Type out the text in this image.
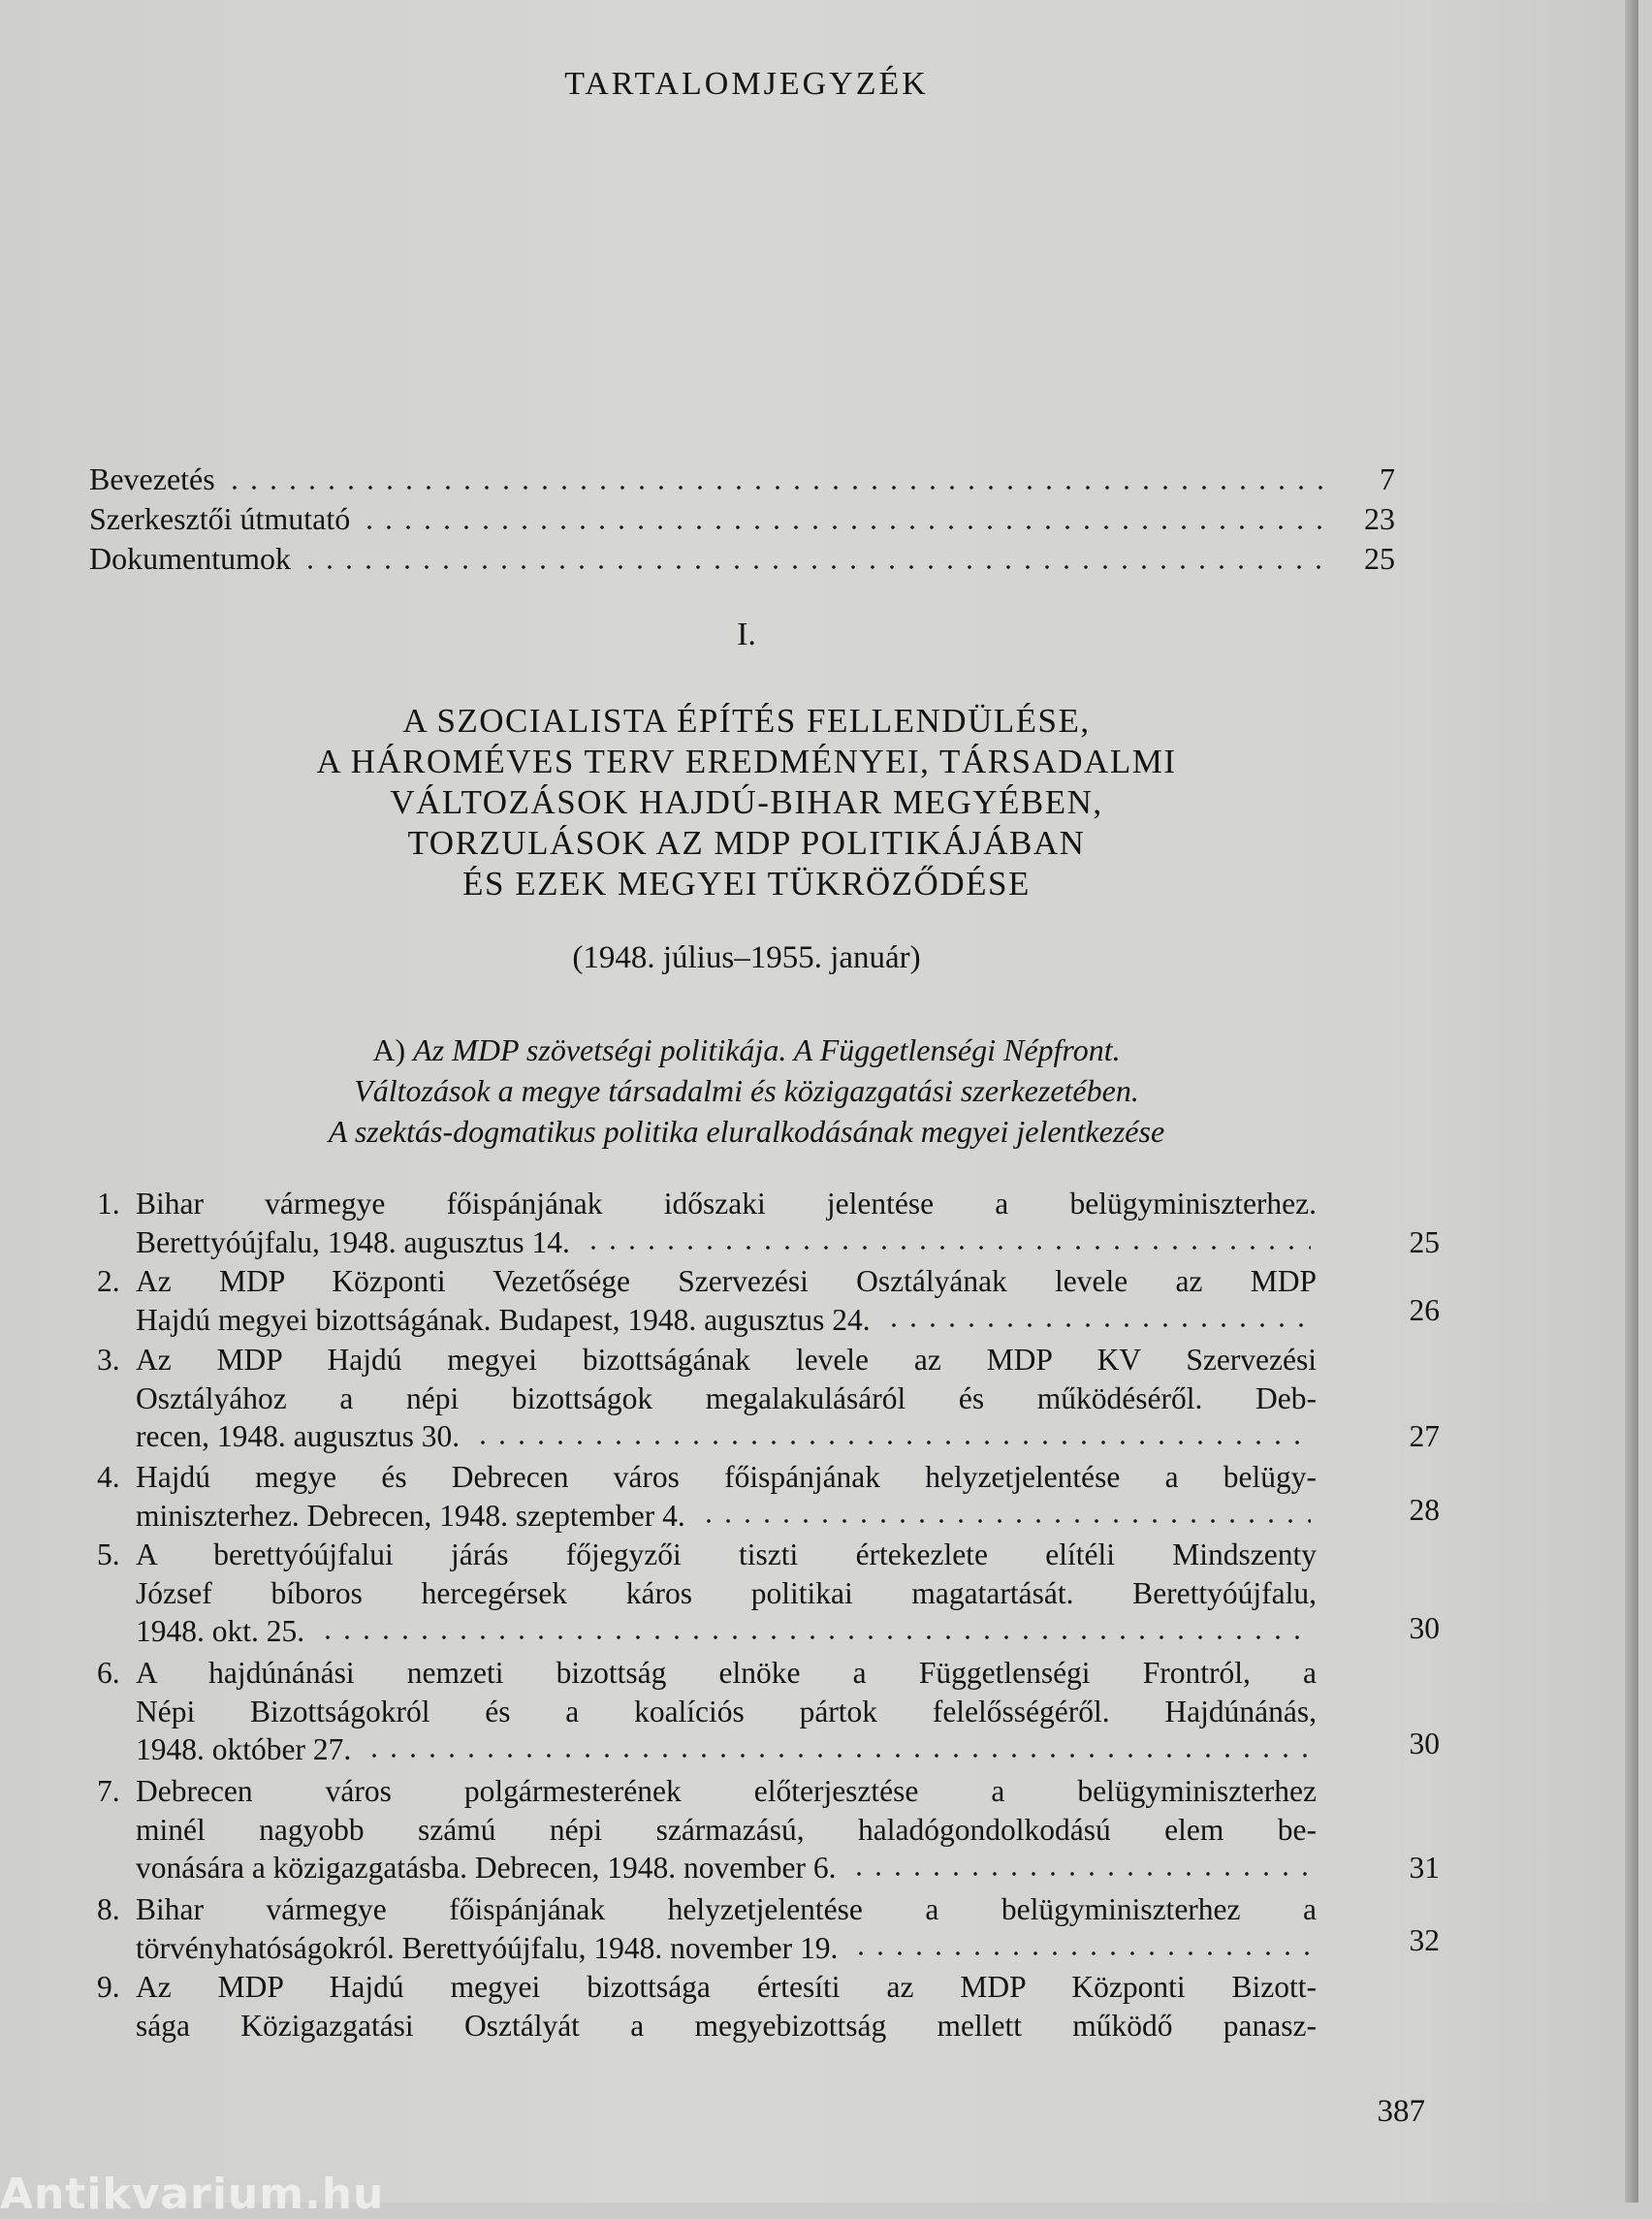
TARTALOMJEGYZÉK
Bevezetés	7
Szerkesztői útmutató	23
Dokumentumok	25
I.
A SZOCIALISTA ÉPÍTÉS FELLENDÜLÉSE,
A HÁROMÉVES TERV EREDMÉNYEI, TÁRSADALMI
VÁLTOZÁSOK HAJDÚ-BIHAR MEGYÉBEN,
TORZULÁSOK AZ MDP POLITIKÁJÁBAN
ÉS EZEK MEGYEI TÜKRÖZŐDÉSE
(1948. július–1955. január)
A) Az MDP szövetségi politikája. A Függetlenségi Népfront.
Változások a megye társadalmi és közigazgatási szerkezetében.
A szektás-dogmatikus politika eluralkodásának megyei jelentkezése
1. Bihar vármegye főispánjának időszaki jelentése a belügyminiszterhez.
Berettyóújfalu, 1948. augusztus 14.	25
2. Az MDP Központi Vezetősége Szervezési Osztályának levele az MDP
Hajdú megyei bizottságának. Budapest, 1948. augusztus 24.	26
3. Az MDP Hajdú megyei bizottságának levele az MDP KV Szervezési
Osztályához a népi bizottságok megalakulásáról és működéséről. Deb-
recen, 1948. augusztus 30.	27
4. Hajdú megye és Debrecen város főispánjának helyzetjelentése a belügy-
miniszterhez. Debrecen, 1948. szeptember 4.	28
5. A berettyóújfalui járás főjegyzői tiszti értekezlete elítéli Mindszenty
József bíboros hercegérsek káros politikai magatartását. Berettyóújfalu,
1948. okt. 25.	30
6. A hajdúnánási nemzeti bizottság elnöke a Függetlenségi Frontról, a
Népi Bizottságokról és a koalíciós pártok felelősségéről. Hajdúnánás,
1948. október 27.	30
7. Debrecen város polgármesterének előterjesztése a belügyminiszterhez
minél nagyobb számú népi származású, haladógondolkodású elem be-
vonására a közigazgatásba. Debrecen, 1948. november 6.	31
8. Bihar vármegye főispánjának helyzetjelentése a belügyminiszterhez a
törvényhatóságokról. Berettyóújfalu, 1948. november 19.	32
9. Az MDP Hajdú megyei bizottsága értesíti az MDP Központi Bizott-
sága Közigazgatási Osztályát a megyebizottság mellett működő panasz-
387
Antikvarium.hu
